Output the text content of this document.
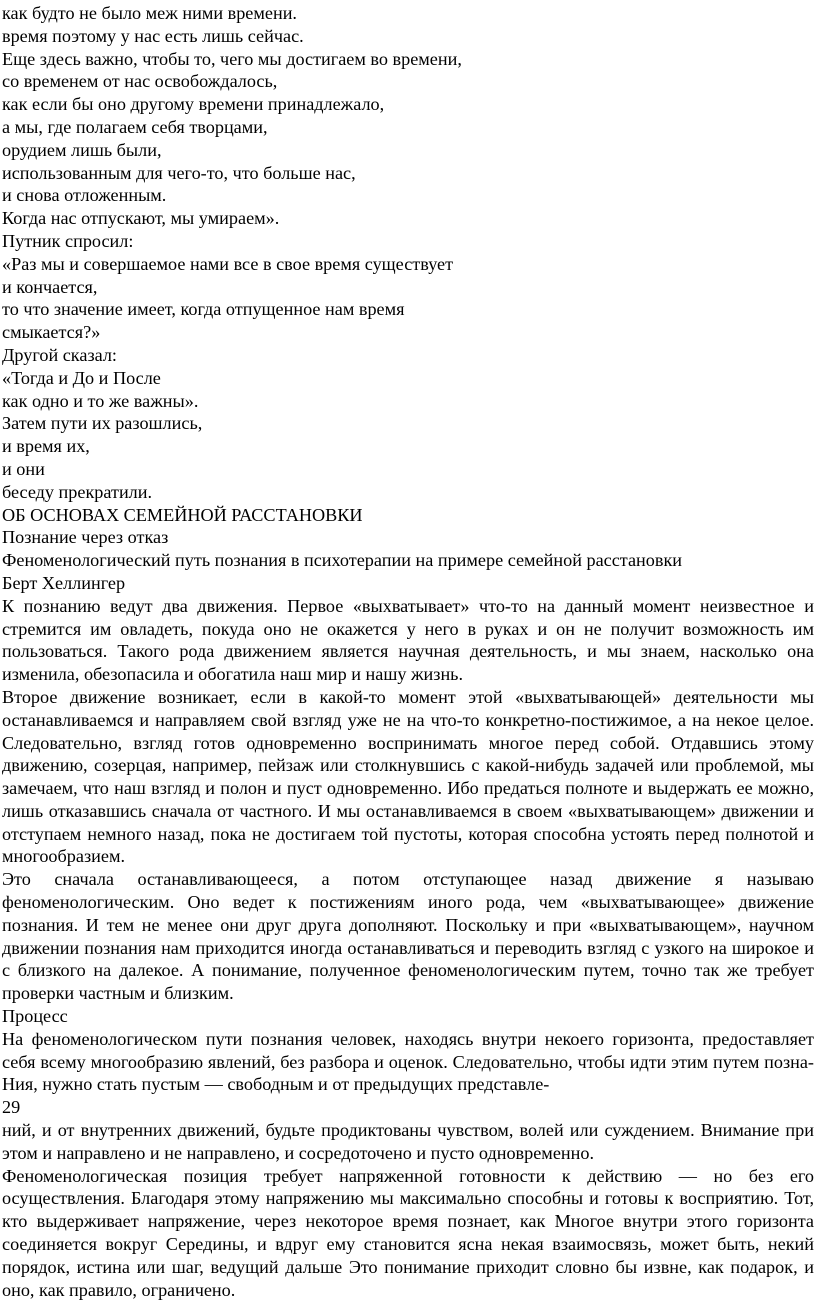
как будто не было меж ними времени.
время поэтому у нас есть лишь сейчас.
Еще здесь важно, чтобы то, чего мы достигаем во времени,
со временем от нас освобождалось,
как если бы оно другому времени принадлежало,
а мы, где полагаем себя творцами,
орудием лишь были,
использованным для чего-то, что больше нас,
и снова отложенным.
Когда нас отпускают, мы умираем».
Путник спросил:
«Раз мы и совершаемое нами все в свое время существует
и кончается,
то что значение имеет, когда отпущенное нам время
смыкается?»
Другой сказал:
«Тогда и До и После
как одно и то же важны».
Затем пути их разошлись,
и время их,
и они
беседу прекратили.
ОБ ОСНОВАХ СЕМЕЙНОЙ РАССТАНОВКИ
Познание через отказ
Феноменологический путь познания в психотерапии на примере семейной расстановки
Берт Хеллингер

К познанию ведут два движения. Первое «выхватывает» что-то на данный момент неизвестное и стремится им овладеть, покуда оно не окажется у него в руках и он не получит возможность им пользоваться. Такого рода движением является научная деятельность, и мы знаем, насколько она изменила, обезопасила и обогатила наш мир и нашу жизнь.

Второе движение возникает, если в какой-то момент этой «выхватывающей» деятельности мы останавливаемся и направляем свой взгляд уже не на что-то конкретно-постижимое, а на некое целое. Следовательно, взгляд готов одновременно воспринимать многое перед собой. Отдавшись этому движению, созерцая, например, пейзаж или столкнувшись с какой-нибудь задачей или проблемой, мы замечаем, что наш взгляд и полон и пуст одновременно. Ибо предаться полноте и выдержать ее можно, лишь отказавшись сначала от частного. И мы останавливаемся в своем «выхватывающем» движении и отступаем немного назад, пока не достигаем той пустоты, которая способна устоять перед полнотой и многообразием.

Это сначала останавливающееся, а потом отступающее назад движение я называю феноменологическим. Оно ведет к постижениям иного рода, чем «выхватывающее» движение познания. И тем не менее они друг друга дополняют. Поскольку и при «выхватывающем», научном движении познания нам приходится иногда останавливаться и переводить взгляд с узкого на широкое и с близкого на далекое. А понимание, полученное феноменологическим путем, точно так же требует проверки частным и близким.

Процесс

На феноменологическом пути познания человек, находясь внутри некоего горизонта, предоставляет себя всему многообразию явлений, без разбора и оценок. Следовательно, чтобы идти этим путем позна-Ния, нужно стать пустым — свободным и от предыдущих представле-

29

ний, и от внутренних движений, будьте продиктованы чувством, волей или суждением. Внимание при этом и направлено и не направлено, и сосредоточено и пусто одновременно.

Феноменологическая позиция требует напряженной готовности к действию — но без его осуществления. Благодаря этому напряжению мы максимально способны и готовы к восприятию. Тот, кто выдерживает напряжение, через некоторое время познает, как Многое внутри этого горизонта соединяется вокруг Середины, и вдруг ему становится ясна некая взаимосвязь, может быть, некий порядок, истина или шаг, ведущий дальше Это понимание приходит словно бы извне, как подарок, и оно, как правило, ограничено.
